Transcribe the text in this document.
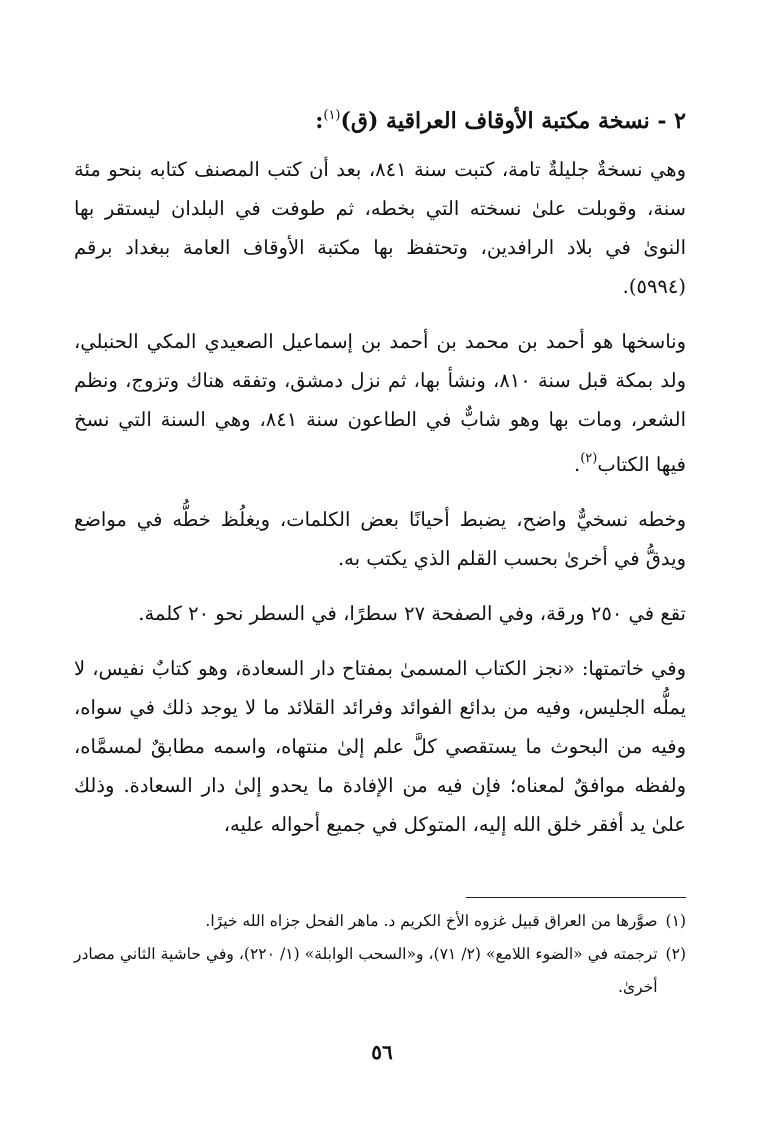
٢ - نسخة مكتبة الأوقاف العراقية (ق)$^{(١)}$:

وهي نسخةٌ جليلةٌ تامة، كتبت سنة ٨٤١، بعد أن كتب المصنف كتابه بنحو مئة سنة، وقوبلت علىٰ نسخته التي بخطه، ثم طوفت في البلدان ليستقر بها النوىٰ في بلاد الرافدين، وتحتفظ بها مكتبة الأوقاف العامة ببغداد برقم (٥٩٩٤).

وناسخها هو أحمد بن محمد بن أحمد بن إسماعيل الصعيدي المكي الحنبلي، ولد بمكة قبل سنة ٨١٠، ونشأ بها، ثم نزل دمشق، وتفقه هناك وتزوج، ونظم الشعر، ومات بها وهو شابٌّ في الطاعون سنة ٨٤١، وهي السنة التي نسخ فيها الكتاب$^{(٢)}$.

وخطه نسخيٌّ واضح، يضبط أحيانًا بعض الكلمات، ويغلُظ خطُّه في مواضع ويدقُّ في أخرىٰ بحسب القلم الذي يكتب به.

تقع في ٢٥٠ ورقة، وفي الصفحة ٢٧ سطرًا، في السطر نحو ٢٠ كلمة.

وفي خاتمتها: «نجز الكتاب المسمىٰ بمفتاح دار السعادة، وهو كتابٌ نفيس، لا يملُّه الجليس، وفيه من بدائع الفوائد وفرائد القلائد ما لا يوجد ذلك في سواه، وفيه من البحوث ما يستقصي كلَّ علم إلىٰ منتهاه، واسمه مطابقٌ لمسمَّاه، ولفظه موافقٌ لمعناه؛ فإن فيه من الإفادة ما يحدو إلىٰ دار السعادة. وذلك علىٰ يد أفقر خلق الله إليه، المتوكل في جميع أحواله عليه،

(١)
صوَّرها من العراق قبيل غزوه الأخ الكريم د. ماهر الفحل جزاه الله خيرًا.
(٢)
ترجمته في «الضوء اللامع» (٢/ ٧١)، و«السحب الوابلة» (١/ ٢٢٠)، وفي حاشية الثاني مصادر أخرىٰ.
٥٦
